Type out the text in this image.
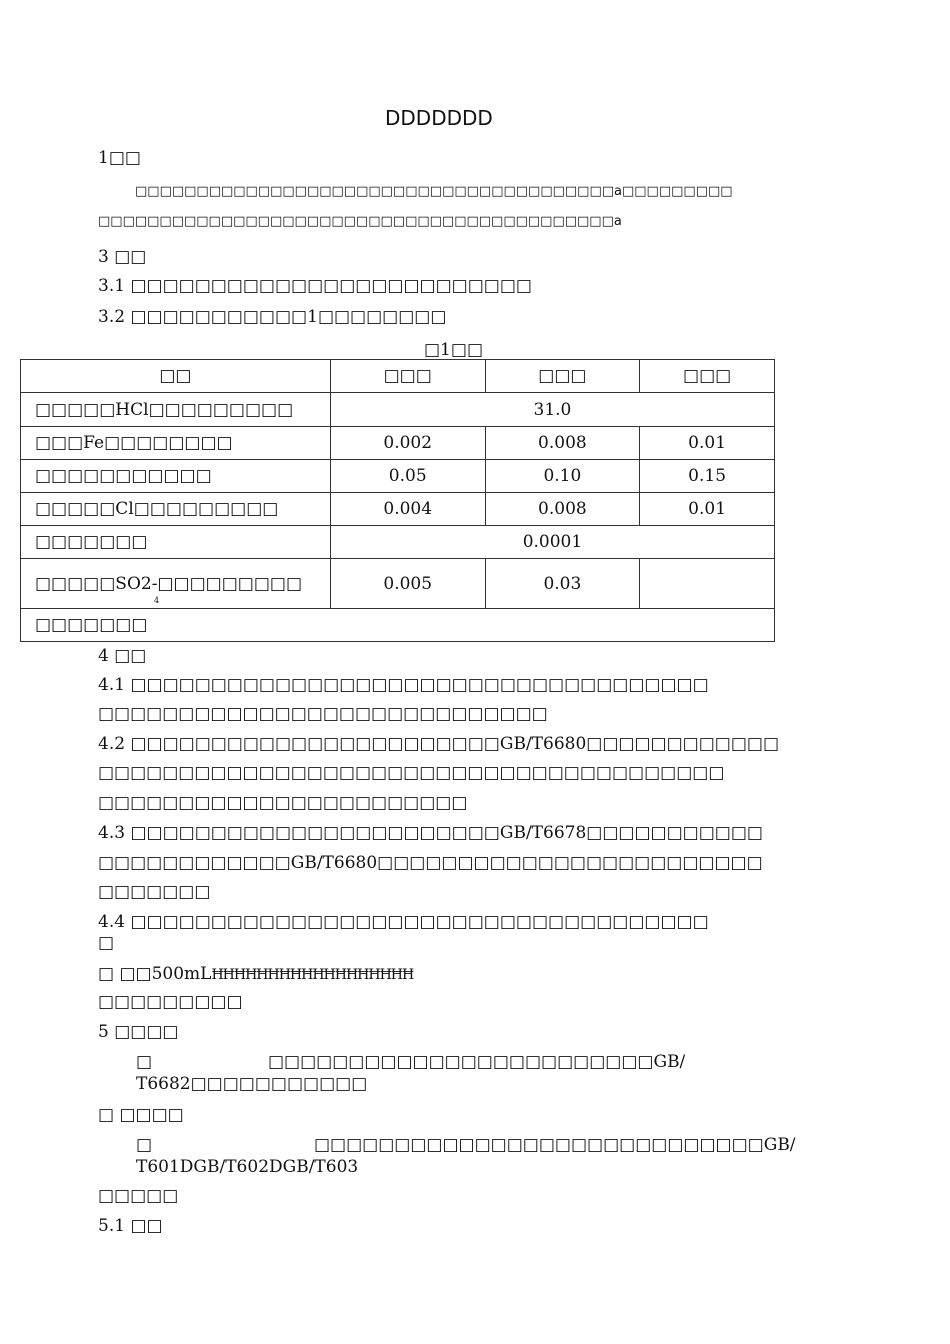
DDDDDDD
1□□
□□□□□□□□□□□□□□□□□□□□□□□□□□□□□□□□□□□□□□□a□□□□□□□□□
□□□□□□□□□□□□□□□□□□□□□□□□□□□□□□□□□□□□□□□□□□a
3 □□
3.1 □□□□□□□□□□□□□□□□□□□□□□□□□
3.2 □□□□□□□□□□□1□□□□□□□□
□1□□
□□	□□□	□□□	□□□
□□□□□HCl□□□□□□□□□	31.0		
□□□Fe□□□□□□□□	0.002	0.008	0.01
□□□□□□□□□□□	0.05	0.10	0.15
□□□□□Cl□□□□□□□□□	0.004	0.008	0.01
□□□□□□□	0.0001		
$□□□□□SO2-□□□□□□□□□_4$	0.005	0.03	
□□□□□□□			
4 □□
4.1 □□□□□□□□□□□□□□□□□□□□□□□□□□□□□□□□□□□□
□□□□□□□□□□□□□□□□□□□□□□□□□□□□
4.2 □□□□□□□□□□□□□□□□□□□□□□□GB/T6680□□□□□□□□□□□□
□□□□□□□□□□□□□□□□□□□□□□□□□□□□□□□□□□□□□□□
□□□□□□□□□□□□□□□□□□□□□□□
4.3 □□□□□□□□□□□□□□□□□□□□□□□GB/T6678□□□□□□□□□□□
□□□□□□□□□□□□GB/T6680□□□□□□□□□□□□□□□□□□□□□□□□
□□□□□□□
4.4 □□□□□□□□□□□□□□□□□□□□□□□□□□□□□□□□□□□□
□
□ □□500mLĦĦĦĦĦĦĦĦĦĦĦĦĦĦĦĦĦĦ
□□□□□□□□□
5 □□□□
□	□□□□□□□□□□□□□□□□□□□□□□□□GB/
T6682□□□□□□□□□□□
□ □□□□
□	□□□□□□□□□□□□□□□□□□□□□□□□□□□□GB/
T601DGB/T602DGB/T603
□□□□□
5.1 □□
